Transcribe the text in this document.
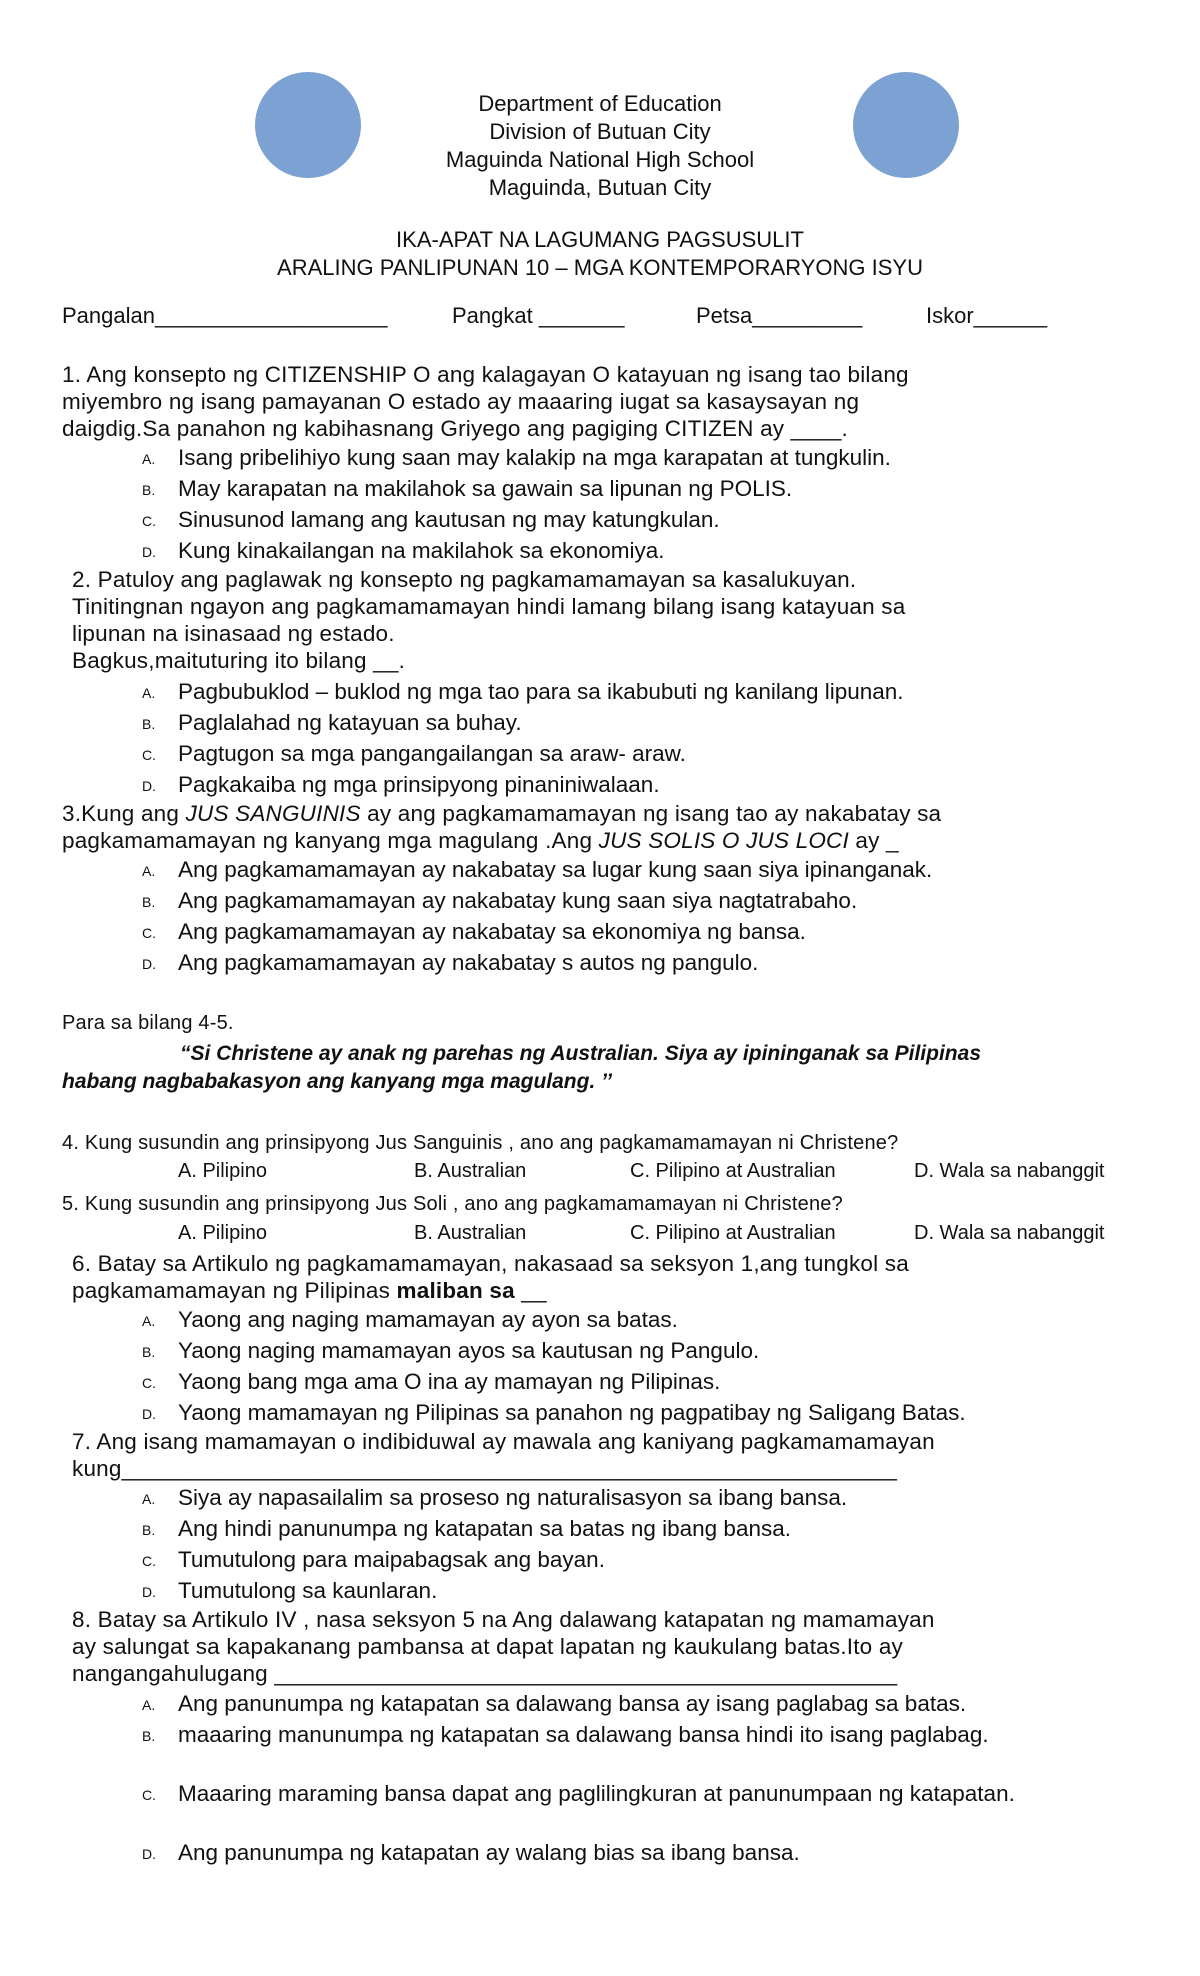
Department of Education
Division of Butuan City
Maguinda National High School
Maguinda, Butuan City
IKA-APAT NA LAGUMANG PAGSUSULIT
ARALING PANLIPUNAN 10 – MGA KONTEMPORARYONG ISYU
Pangalan___________________	Pangkat _______	Petsa_________	Iskor______
1. Ang konsepto ng CITIZENSHIP O ang kalagayan O katayuan ng isang tao bilang
miyembro ng isang pamayanan O estado ay maaaring iugat sa kasaysayan ng
daigdig.Sa panahon ng kabihasnang Griyego ang pagiging CITIZEN ay ____.
A. Isang pribelihiyo kung saan may kalakip na mga karapatan at tungkulin.
B. May karapatan na makilahok sa gawain sa lipunan ng POLIS.
C. Sinusunod lamang ang kautusan ng may katungkulan.
D. Kung kinakailangan na makilahok sa ekonomiya.
2. Patuloy ang paglawak ng konsepto ng pagkamamamayan sa kasalukuyan.
Tinitingnan ngayon ang pagkamamamayan hindi lamang bilang isang katayuan sa
lipunan na isinasaad ng estado.
Bagkus,maituturing ito bilang __.
A. Pagbubuklod – buklod ng mga tao para sa ikabubuti ng kanilang lipunan.
B. Paglalahad ng katayuan sa buhay.
C. Pagtugon sa mga pangangailangan sa araw- araw.
D. Pagkakaiba ng mga prinsipyong pinaniniwalaan.
3.Kung ang JUS SANGUINIS ay ang pagkamamamayan ng isang tao ay nakabatay sa
pagkamamamayan ng kanyang mga magulang .Ang JUS SOLIS O JUS LOCI ay _
A. Ang pagkamamamayan ay nakabatay sa lugar kung saan siya ipinanganak.
B. Ang pagkamamamayan ay nakabatay kung saan siya nagtatrabaho.
C. Ang pagkamamamayan ay nakabatay sa ekonomiya ng bansa.
D. Ang pagkamamamayan ay nakabatay s autos ng pangulo.
Para sa bilang 4-5.
“Si Christene ay anak ng parehas ng Australian. Siya ay ipininganak sa Pilipinas
habang nagbabakasyon ang kanyang mga magulang. ’’
4. Kung susundin ang prinsipyong Jus Sanguinis , ano ang pagkamamamayan ni Christene?
A. Pilipino	B. Australian	C. Pilipino at Australian	D. Wala sa nabanggit
5. Kung susundin ang prinsipyong Jus Soli , ano ang pagkamamamayan ni Christene?
A. Pilipino	B. Australian	C. Pilipino at Australian	D. Wala sa nabanggit
6. Batay sa Artikulo ng pagkamamamayan, nakasaad sa seksyon 1,ang tungkol sa
pagkamamamayan ng Pilipinas maliban sa __
A. Yaong ang naging mamamayan ay ayon sa batas.
B. Yaong naging mamamayan ayos sa kautusan ng Pangulo.
C. Yaong bang mga ama O ina ay mamayan ng Pilipinas.
D. Yaong mamamayan ng Pilipinas sa panahon ng pagpatibay ng Saligang Batas.
7. Ang isang mamamayan o indibiduwal ay mawala ang kaniyang pagkamamamayan
kung_____________________________________________________________
A. Siya ay napasailalim sa proseso ng naturalisasyon sa ibang bansa.
B. Ang hindi panunumpa ng katapatan sa batas ng ibang bansa.
C. Tumutulong para maipabagsak ang bayan.
D. Tumutulong sa kaunlaran.
8. Batay sa Artikulo IV , nasa seksyon 5 na Ang dalawang katapatan ng mamamayan
ay salungat sa kapakanang pambansa at dapat lapatan ng kaukulang batas.Ito ay
nangangahulugang _________________________________________________
A. Ang panunumpa ng katapatan sa dalawang bansa ay isang paglabag sa batas.
B. maaaring manunumpa ng katapatan sa dalawang bansa hindi ito isang paglabag.
C. Maaaring maraming bansa dapat ang paglilingkuran at panunumpaan ng katapatan.
D. Ang panunumpa ng katapatan ay walang bias sa ibang bansa.
